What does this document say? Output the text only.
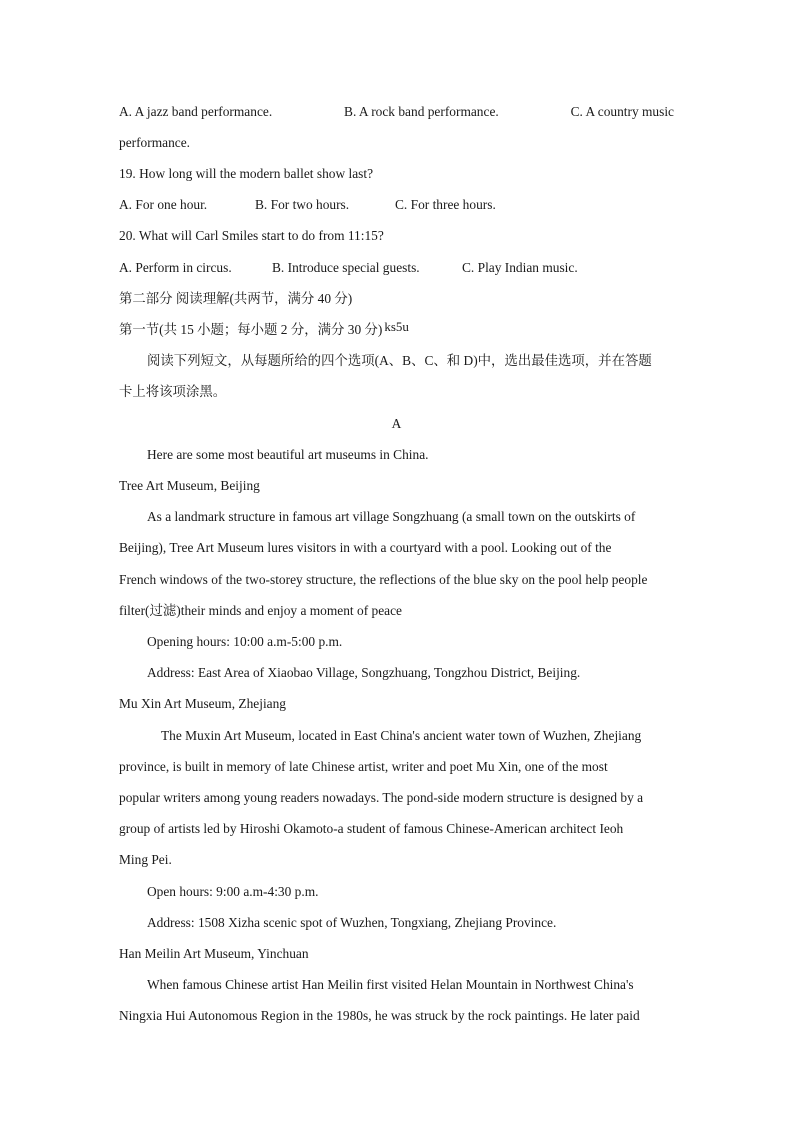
A. A jazz band performance.	B. A rock band performance.	C. A country music
performance.
19. How long will the modern ballet show last?
A. For one hour.	B. For two hours.	C. For three hours.
20. What will Carl Smiles start to do from 11:15?
A. Perform in circus.	B. Introduce special guests.	C. Play Indian music.
第二部分 阅读理解(共两节，满分 40 分)
第一节(共 15 小题；每小题 2 分，满分 30 分) ks5u
阅读下列短文，从每题所给的四个选项(A、B、C、和 D)中，选出最佳选项，并在答题
卡上将该项涂黑。
A
Here are some most beautiful art museums in China.
Tree Art Museum, Beijing
As a landmark structure in famous art village Songzhuang (a small town on the outskirts of
Beijing), Tree Art Museum lures visitors in with a courtyard with a pool. Looking out of the
French windows of the two-storey structure, the reflections of the blue sky on the pool help people
filter(过滤)their minds and enjoy a moment of peace
Opening hours: 10:00 a.m-5:00 p.m.
Address: East Area of Xiaobao Village, Songzhuang, Tongzhou District, Beijing.
Mu Xin Art Museum, Zhejiang
The Muxin Art Museum, located in East China's ancient water town of Wuzhen, Zhejiang
province, is built in memory of late Chinese artist, writer and poet Mu Xin, one of the most
popular writers among young readers nowadays. The pond-side modern structure is designed by a
group of artists led by Hiroshi Okamoto-a student of famous Chinese-American architect Ieoh
Ming Pei.
Open hours: 9:00 a.m-4:30 p.m.
Address: 1508 Xizha scenic spot of Wuzhen, Tongxiang, Zhejiang Province.
Han Meilin Art Museum, Yinchuan
When famous Chinese artist Han Meilin first visited Helan Mountain in Northwest China's
Ningxia Hui Autonomous Region in the 1980s, he was struck by the rock paintings. He later paid
